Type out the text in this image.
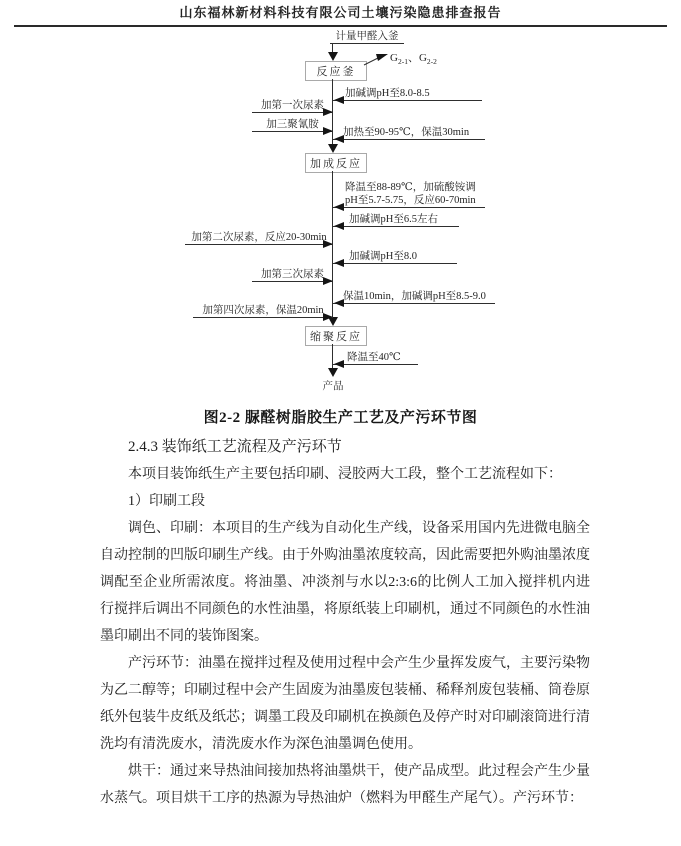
山东福林新材料科技有限公司土壤污染隐患排查报告
计量甲醛入釜
反应釜
$G_{2-1}$、$G_{2-2}$
加碱调pH至8.0-8.5
加第一次尿素
加三聚氰胺
加热至90-95℃，保温30min
加成反应
降温至88-89℃，加硫酸铵调
pH至5.7-5.75，反应60-70min
加碱调pH至6.5左右
加第二次尿素，反应20-30min
加碱调pH至8.0
加第三次尿素
保温10min，加碱调pH至8.5-9.0
加第四次尿素，保温20min
缩聚反应
降温至40℃
产品
图2-2 脲醛树脂胶生产工艺及产污环节图

2.4.3 装饰纸工艺流程及产污环节

本项目装饰纸生产主要包括印刷、浸胶两大工段，整个工艺流程如下：

1）印刷工段

调色、印刷：本项目的生产线为自动化生产线，设备采用国内先进微电脑全自动控制的凹版印刷生产线。由于外购油墨浓度较高，因此需要把外购油墨浓度调配至企业所需浓度。将油墨、冲淡剂与水以2:3:6的比例人工加入搅拌机内进行搅拌后调出不同颜色的水性油墨，将原纸装上印刷机，通过不同颜色的水性油墨印刷出不同的装饰图案。

产污环节：油墨在搅拌过程及使用过程中会产生少量挥发废气，主要污染物为乙二醇等；印刷过程中会产生固废为油墨废包装桶、稀释剂废包装桶、筒卷原纸外包装牛皮纸及纸芯；调墨工段及印刷机在换颜色及停产时对印刷滚筒进行清洗均有清洗废水，清洗废水作为深色油墨调色使用。

烘干：通过来导热油间接加热将油墨烘干，使产品成型。此过程会产生少量水蒸气。项目烘干工序的热源为导热油炉（燃料为甲醛生产尾气）。产污环节：
